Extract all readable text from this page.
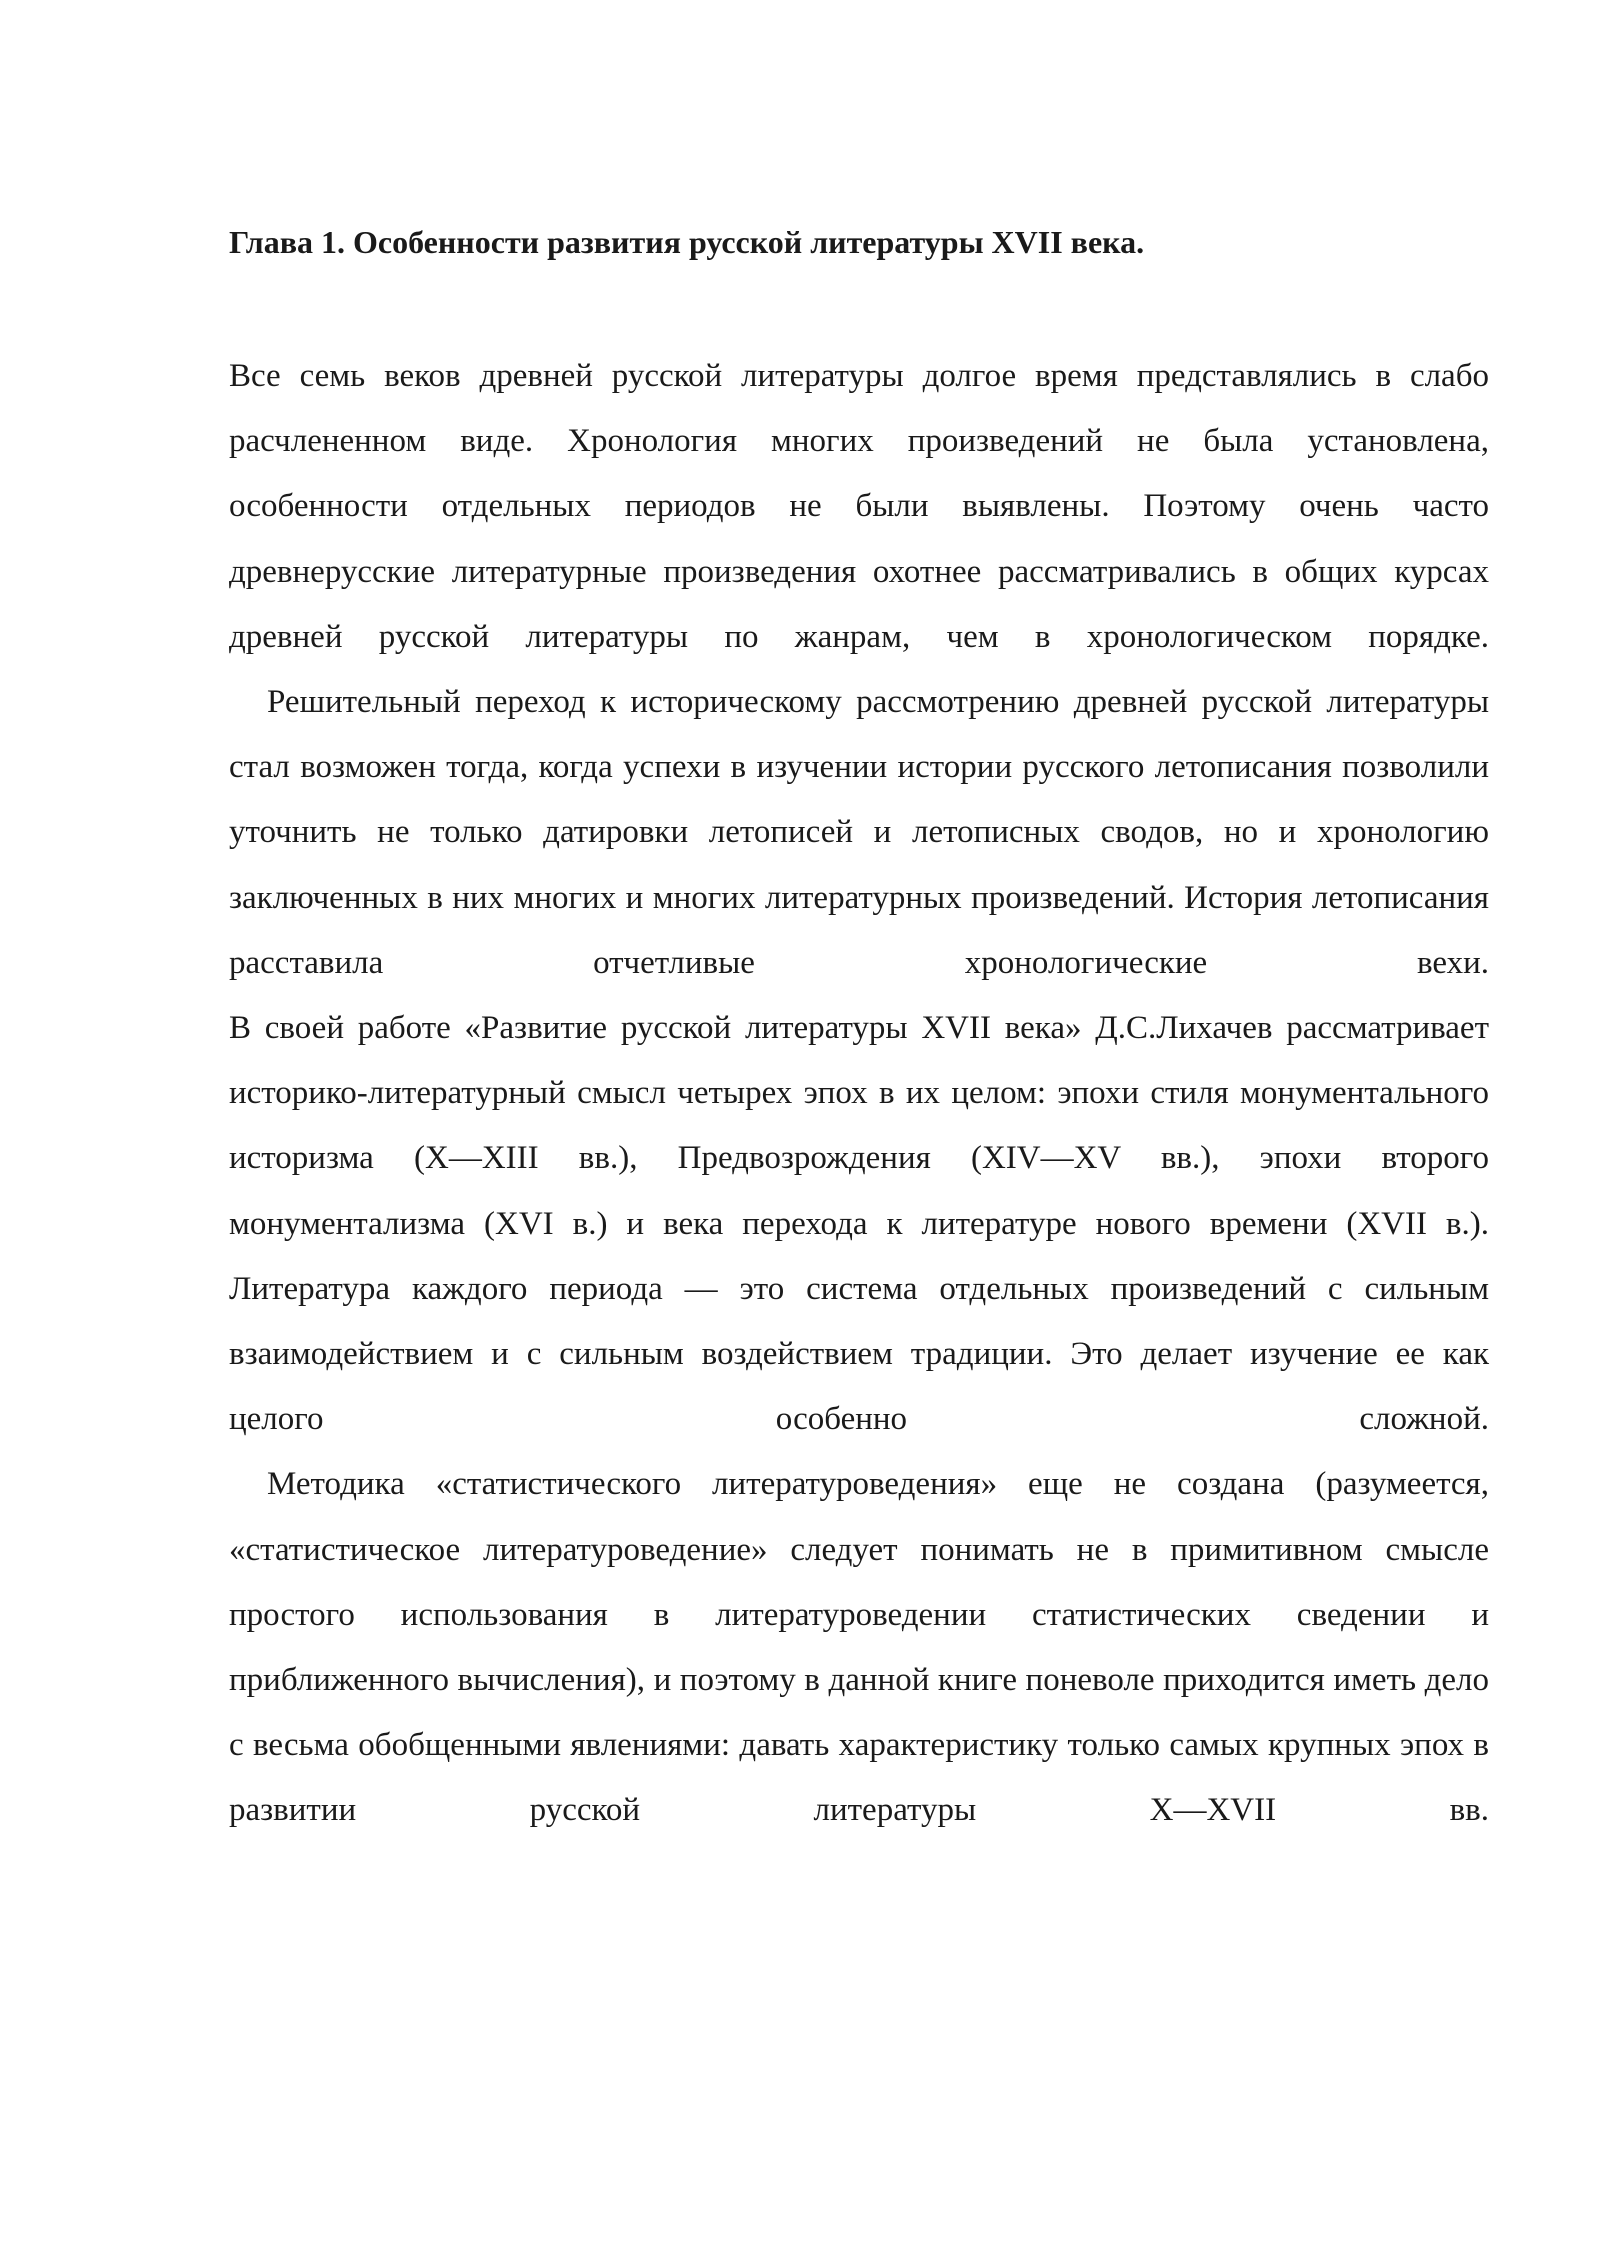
Глава 1. Особенности развития русской литературы XVII века.

Все семь веков древней русской литературы долгое время представлялись в слабо расчлененном виде. Хронология многих произведений не была установлена, особенности отдельных периодов не были выявлены. Поэтому очень часто древнерусские литературные произведения охотнее рассматривались в общих курсах древней русской литературы по жанрам, чем в хронологическом порядке.

Решительный переход к историческому рассмотрению древней русской литературы стал возможен тогда, когда успехи в изучении истории русского летописания позволили уточнить не только датировки летописей и летописных сводов, но и хронологию заключенных в них многих и многих литературных произведений. История летописания расставила отчетливые хронологические вехи.

В своей работе «Развитие русской литературы XVII века» Д.С.Лихачев рассматривает историко-литературный смысл четырех эпох в их целом: эпохи стиля монументального историзма (X—XIII вв.), Предвозрождения (XIV—XV вв.), эпохи второго монументализма (XVI в.) и века перехода к литературе нового времени (XVII в.).

Литература каждого периода — это система отдельных произведений с сильным взаимодействием и с сильным воздействием традиции. Это делает изучение ее как целого особенно сложной.

Методика «статистического литературоведения» еще не создана (разумеется, «статистическое литературоведение» следует понимать не в примитивном смысле простого использования в литературоведении статистических сведении и приближенного вычисления), и поэтому в данной книге поневоле приходится иметь дело с весьма обобщенными явлениями: давать характеристику только самых крупных эпох в развитии русской литературы X—XVII вв.
